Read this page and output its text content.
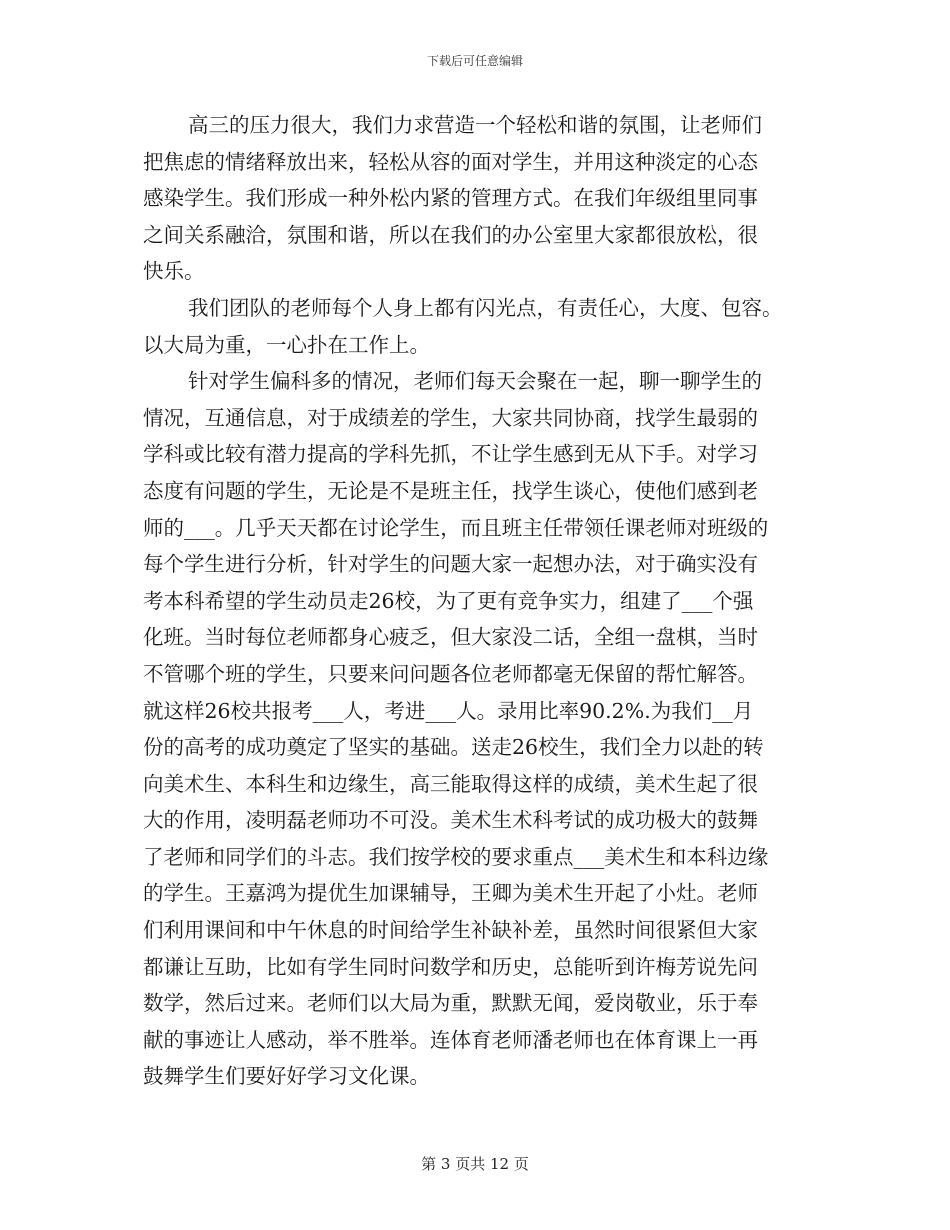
下载后可任意编辑
高三的压力很大，我们力求营造一个轻松和谐的氛围，让老师们
把焦虑的情绪释放出来，轻松从容的面对学生，并用这种淡定的心态
感染学生。我们形成一种外松内紧的管理方式。在我们年级组里同事
之间关系融洽，氛围和谐，所以在我们的办公室里大家都很放松，很
快乐。
我们团队的老师每个人身上都有闪光点，有责任心，大度、包容。
以大局为重，一心扑在工作上。
针对学生偏科多的情况，老师们每天会聚在一起，聊一聊学生的
情况，互通信息，对于成绩差的学生，大家共同协商，找学生最弱的
学科或比较有潜力提高的学科先抓，不让学生感到无从下手。对学习
态度有问题的学生，无论是不是班主任，找学生谈心，使他们感到老
师的___。几乎天天都在讨论学生，而且班主任带领任课老师对班级的
每个学生进行分析，针对学生的问题大家一起想办法，对于确实没有
考本科希望的学生动员走26校，为了更有竞争实力，组建了___个强
化班。当时每位老师都身心疲乏，但大家没二话，全组一盘棋，当时
不管哪个班的学生，只要来问问题各位老师都毫无保留的帮忙解答。
就这样26校共报考___人，考进___人。录用比率90.2%.为我们__月
份的高考的成功奠定了坚实的基础。送走26校生，我们全力以赴的转
向美术生、本科生和边缘生，高三能取得这样的成绩，美术生起了很
大的作用，凌明磊老师功不可没。美术生术科考试的成功极大的鼓舞
了老师和同学们的斗志。我们按学校的要求重点___美术生和本科边缘
的学生。王嘉鸿为提优生加课辅导，王卿为美术生开起了小灶。老师
们利用课间和中午休息的时间给学生补缺补差，虽然时间很紧但大家
都谦让互助，比如有学生同时问数学和历史，总能听到许梅芳说先问
数学，然后过来。老师们以大局为重，默默无闻，爱岗敬业，乐于奉
献的事迹让人感动，举不胜举。连体育老师潘老师也在体育课上一再
鼓舞学生们要好好学习文化课。
第 3 页共 12 页
